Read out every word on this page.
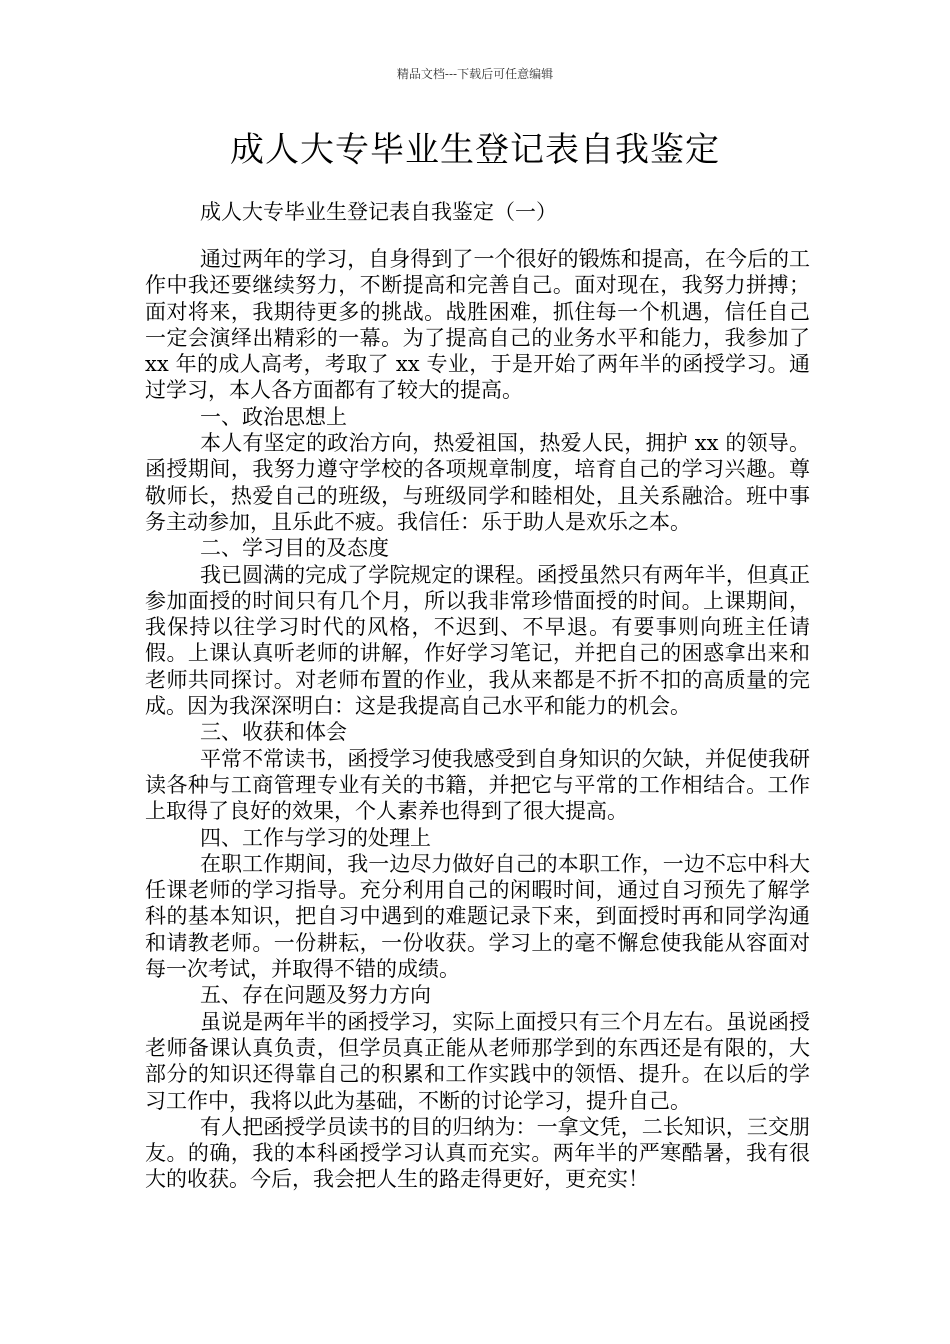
精品文档---下载后可任意编辑
成人大专毕业生登记表自我鉴定
成人大专毕业生登记表自我鉴定（一）

通过两年的学习，自身得到了一个很好的锻炼和提高，在今后的工作中我还要继续努力，不断提高和完善自己。面对现在，我努力拼搏；面对将来，我期待更多的挑战。战胜困难，抓住每一个机遇，信任自己一定会演绎出精彩的一幕。为了提高自己的业务水平和能力，我参加了 xx 年的成人高考，考取了 xx 专业，于是开始了两年半的函授学习。通过学习，本人各方面都有了较大的提高。

一、政治思想上

本人有坚定的政治方向，热爱祖国，热爱人民，拥护 xx 的领导。函授期间，我努力遵守学校的各项规章制度，培育自己的学习兴趣。尊敬师长，热爱自己的班级，与班级同学和睦相处，且关系融洽。班中事务主动参加，且乐此不疲。我信任：乐于助人是欢乐之本。

二、学习目的及态度

我已圆满的完成了学院规定的课程。函授虽然只有两年半，但真正参加面授的时间只有几个月，所以我非常珍惜面授的时间。上课期间，我保持以往学习时代的风格，不迟到、不早退。有要事则向班主任请假。上课认真听老师的讲解，作好学习笔记，并把自己的困惑拿出来和老师共同探讨。对老师布置的作业，我从来都是不折不扣的高质量的完成。因为我深深明白：这是我提高自己水平和能力的机会。

三、收获和体会

平常不常读书，函授学习使我感受到自身知识的欠缺，并促使我研读各种与工商管理专业有关的书籍，并把它与平常的工作相结合。工作上取得了良好的效果，个人素养也得到了很大提高。

四、工作与学习的处理上

在职工作期间，我一边尽力做好自己的本职工作，一边不忘中科大任课老师的学习指导。充分利用自己的闲暇时间，通过自习预先了解学科的基本知识，把自习中遇到的难题记录下来，到面授时再和同学沟通和请教老师。一份耕耘，一份收获。学习上的毫不懈怠使我能从容面对每一次考试，并取得不错的成绩。

五、存在问题及努力方向

虽说是两年半的函授学习，实际上面授只有三个月左右。虽说函授老师备课认真负责，但学员真正能从老师那学到的东西还是有限的，大部分的知识还得靠自己的积累和工作实践中的领悟、提升。在以后的学习工作中，我将以此为基础，不断的讨论学习，提升自己。

有人把函授学员读书的目的归纳为：一拿文凭，二长知识，三交朋友。的确，我的本科函授学习认真而充实。两年半的严寒酷暑，我有很大的收获。今后，我会把人生的路走得更好，更充实！
